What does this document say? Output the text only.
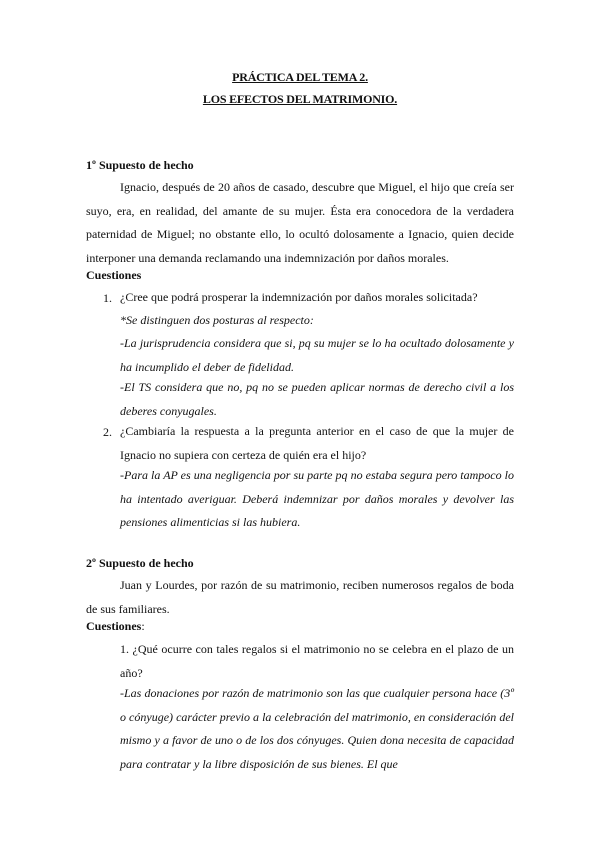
PRÁCTICA DEL TEMA 2.
LOS EFECTOS DEL MATRIMONIO.
1º Supuesto de hecho

Ignacio, después de 20 años de casado, descubre que Miguel, el hijo que creía ser suyo, era, en realidad, del amante de su mujer. Ésta era conocedora de la verdadera paternidad de Miguel; no obstante ello, lo ocultó dolosamente a Ignacio, quien decide interponer una demanda reclamando una indemnización por daños morales.

Cuestiones
1. ¿Cree que podrá prosperar la indemnización por daños morales solicitada?

*Se distinguen dos posturas al respecto:

-La jurisprudencia considera que si, pq su mujer se lo ha ocultado dolosamente y ha incumplido el deber de fidelidad.

-El TS considera que no, pq no se pueden aplicar normas de derecho civil a los deberes conyugales.

2. ¿Cambiaría la respuesta a la pregunta anterior en el caso de que la mujer de Ignacio no supiera con certeza de quién era el hijo?

-Para la AP es una negligencia por su parte pq no estaba segura pero tampoco lo ha intentado averiguar. Deberá indemnizar por daños morales y devolver las pensiones alimenticias si las hubiera.

2º Supuesto de hecho

Juan y Lourdes, por razón de su matrimonio, reciben numerosos regalos de boda de sus familiares.

Cuestiones:

1. ¿Qué ocurre con tales regalos si el matrimonio no se celebra en el plazo de un año?

-Las donaciones por razón de matrimonio son las que cualquier persona hace (3º o cónyuge) carácter previo a la celebración del matrimonio, en consideración del mismo y a favor de uno o de los dos cónyuges. Quien dona necesita de capacidad para contratar y la libre disposición de sus bienes. El que
